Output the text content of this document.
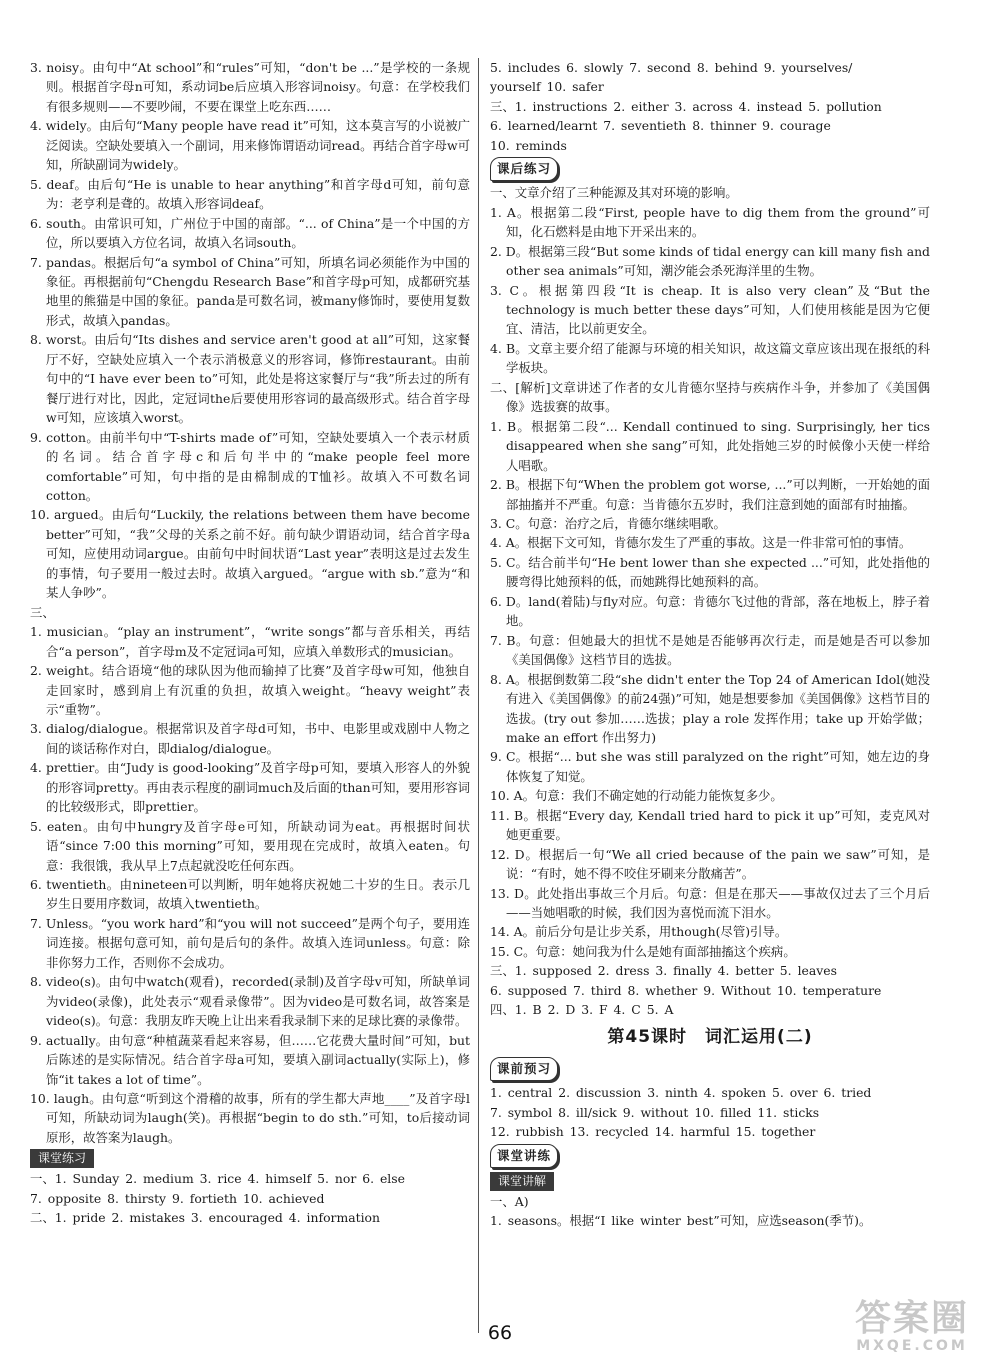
3. noisy。由句中“At school”和“rules”可知，“don't be ...”是学校的一条规则。根据首字母n可知，系动词be后应填入形容词noisy。句意：在学校我们有很多规则——不要吵闹，不要在课堂上吃东西……

4. widely。由后句“Many people have read it”可知，这本莫言写的小说被广泛阅读。空缺处要填入一个副词，用来修饰谓语动词read。再结合首字母w可知，所缺副词为widely。

5. deaf。由后句“He is unable to hear anything”和首字母d可知，前句意为：老亨利是聋的。故填入形容词deaf。

6. south。由常识可知，广州位于中国的南部。“... of China”是一个中国的方位，所以要填入方位名词，故填入名词south。

7. pandas。根据后句“a symbol of China”可知，所填名词必须能作为中国的象征。再根据前句“Chengdu Research Base”和首字母p可知，成都研究基地里的熊猫是中国的象征。panda是可数名词，被many修饰时，要使用复数形式，故填入pandas。

8. worst。由后句“Its dishes and service aren't good at all”可知，这家餐厅不好，空缺处应填入一个表示消极意义的形容词，修饰restaurant。由前句中的“I have ever been to”可知，此处是将这家餐厅与“我”所去过的所有餐厅进行对比，因此，定冠词the后要使用形容词的最高级形式。结合首字母w可知，应该填入worst。

9. cotton。由前半句中“T-shirts made of”可知，空缺处要填入一个表示材质的名词。结合首字母c和后句半中的“make people feel more comfortable”可知，句中指的是由棉制成的T恤衫。故填入不可数名词cotton。

10. argued。由后句“Luckily, the relations between them have become better”可知，“我”父母的关系之前不好。前句缺少谓语动词，结合首字母a可知，应使用动词argue。由前句中时间状语“Last year”表明这是过去发生的事情，句子要用一般过去时。故填入argued。“argue with sb.”意为“和某人争吵”。

三、

1. musician。“play an instrument”，“write songs”都与音乐相关，再结合“a person”，首字母m及不定冠词a可知，应填入单数形式的musician。

2. weight。结合语境“他的球队因为他而输掉了比赛”及首字母w可知，他独自走回家时，感到肩上有沉重的负担，故填入weight。“heavy weight”表示“重物”。

3. dialog/dialogue。根据常识及首字母d可知，书中、电影里或戏剧中人物之间的谈话称作对白，即dialog/dialogue。

4. prettier。由“Judy is good-looking”及首字母p可知，要填入形容人的外貌的形容词pretty。再由表示程度的副词much及后面的than可知，要用形容词的比较级形式，即prettier。

5. eaten。由句中hungry及首字母e可知，所缺动词为eat。再根据时间状语“since 7:00 this morning”可知，要用现在完成时，故填入eaten。句意：我很饿，我从早上7点起就没吃任何东西。

6. twentieth。由nineteen可以判断，明年她将庆祝她二十岁的生日。表示几岁生日要用序数词，故填入twentieth。

7. Unless。“you work hard”和“you will not succeed”是两个句子，要用连词连接。根据句意可知，前句是后句的条件。故填入连词unless。句意：除非你努力工作，否则你不会成功。

8. video(s)。由句中watch(观看)，recorded(录制)及首字母v可知，所缺单词为video(录像)，此处表示“观看录像带”。因为video是可数名词，故答案是video(s)。句意：我朋友昨天晚上让出来看我录制下来的足球比赛的录像带。

9. actually。由句意“种植蔬菜看起来容易，但……它花费大量时间”可知，but后陈述的是实际情况。结合首字母a可知，要填入副词actually(实际上)，修饰“it takes a lot of time”。

10. laugh。由句意“听到这个滑稽的故事，所有的学生都大声地____”及首字母l可知，所缺动词为laugh(笑)。再根据“begin to do sth.”可知，to后接动词原形，故答案为laugh。

课堂练习

一、1. Sunday 2. medium 3. rice 4. himself 5. nor 6. else

7. opposite 8. thirsty 9. fortieth 10. achieved

二、1. pride 2. mistakes 3. encouraged 4. information

5. includes 6. slowly 7. second 8. behind 9. yourselves/

yourself 10. safer

三、1. instructions 2. either 3. across 4. instead 5. pollution

6. learned/learnt 7. seventieth 8. thinner 9. courage

10. reminds

课后练习

一、文章介绍了三种能源及其对环境的影响。

1. A。根据第二段“First, people have to dig them from the ground”可知，化石燃料是由地下开采出来的。

2. D。根据第三段“But some kinds of tidal energy can kill many fish and other sea animals”可知，潮汐能会杀死海洋里的生物。

3. C。根据第四段“It is cheap. It is also very clean”及“But the technology is much better these days”可知，人们使用核能是因为它便宜、清洁，比以前更安全。

4. B。文章主要介绍了能源与环境的相关知识，故这篇文章应该出现在报纸的科学板块。

二、[解析]文章讲述了作者的女儿肯德尔坚持与疾病作斗争，并参加了《美国偶像》选拔赛的故事。

1. B。根据第二段“... Kendall continued to sing. Surprisingly, her tics disappeared when she sang”可知，此处指她三岁的时候像小天使一样给人唱歌。

2. B。根据下句“When the problem got worse, ...”可以判断，一开始她的面部抽搐并不严重。句意：当肯德尔五岁时，我们注意到她的面部有时抽搐。

3. C。句意：治疗之后，肯德尔继续唱歌。

4. A。根据下文可知，肯德尔发生了严重的事故。这是一件非常可怕的事情。

5. C。结合前半句“He bent lower than she expected ...”可知，此处指他的腰弯得比她预料的低，而她跳得比她预料的高。

6. D。land(着陆)与fly对应。句意：肯德尔飞过他的背部，落在地板上，脖子着地。

7. B。句意：但她最大的担忧不是她是否能够再次行走，而是她是否可以参加《美国偶像》这档节目的选拔。

8. A。根据倒数第二段“she didn't enter the Top 24 of American Idol(她没有进入《美国偶像》的前24强)”可知，她是想要参加《美国偶像》这档节目的选拔。(try out 参加……选拔；play a role 发挥作用；take up 开始学做；make an effort 作出努力)

9. C。根据“... but she was still paralyzed on the right”可知，她左边的身体恢复了知觉。

10. A。句意：我们不确定她的行动能力能恢复多少。

11. B。根据“Every day, Kendall tried hard to pick it up”可知，麦克风对她更重要。

12. D。根据后一句“We all cried because of the pain we saw”可知，是说：“有时，她不得不咬住牙刷来分散痛苦”。

13. D。此处指出事故三个月后。句意：但是在那天——事故仅过去了三个月后——当她唱歌的时候，我们因为喜悦而流下泪水。

14. A。前后分句是让步关系，用though(尽管)引导。

15. C。句意：她问我为什么是她有面部抽搐这个疾病。

三、1. supposed 2. dress 3. finally 4. better 5. leaves

6. supposed 7. third 8. whether 9. Without 10. temperature

四、1. B 2. D 3. F 4. C 5. A

第45课时　词汇运用(二)
课前预习

1. central 2. discussion 3. ninth 4. spoken 5. over 6. tried

7. symbol 8. ill/sick 9. without 10. filled 11. sticks

12. rubbish 13. recycled 14. harmful 15. together

课堂讲练
课堂讲解

一、A)

1. seasons。根据“I like winter best”可知，应选season(季节)。

66	答案圈
MXQE.COM
